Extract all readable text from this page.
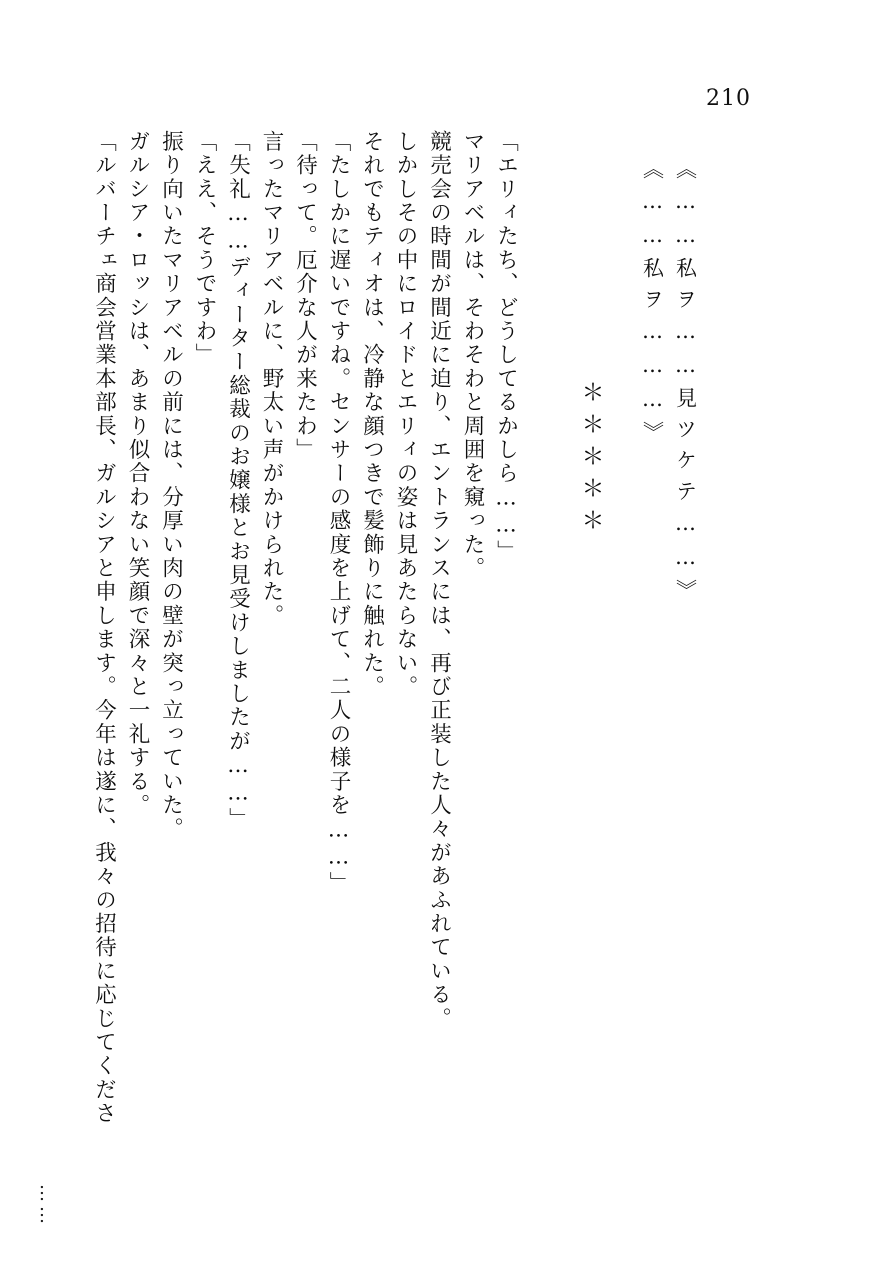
210
「ルバーチェ商会営業本部長、ガルシアと申します。今年は遂に、我々の招待に応じてくださ ガルシア・ロッシは、あまり似合わない笑顔で深々と一礼する。 振り向いたマリアベルの前には、分厚い肉の壁が突っ立っていた。 「ええ、そうですわ」 「失礼……ディーター総裁のお嬢様とお見受けしましたが……」 言ったマリアベルに、野太い声がかけられた。 「待って。厄介な人が来たわ」 「たしかに遅いですね。センサーの感度を上げて、二人の様子を……」 それでもティオは、冷静な顔つきで髪飾りに触れた。 しかしその中にロイドとエリィの姿は見あたらない。 競売会の時間が間近に迫り、エントランスには、再び正装した人々があふれている。 マリアベルは、そわそわと周囲を窺った。 「エリィたち、どうしてるかしら……」	＊＊＊＊＊
《……私ヲ………》 《……私ヲ……見ツケテ……》
……
